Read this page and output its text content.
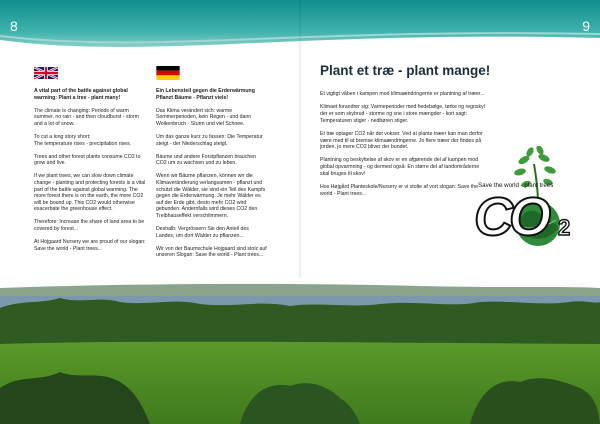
8	9

A vital part of the battle against global warming: Plant a tree - plant many!

The climate is changing: Periods of warm summer, no rain - and then cloudburst - storm and a lot of snow.

To cut a long story short:

The temperature rises - precipitation rises.

Trees and other forest plants consume CO2 to grow and live.

If we plant trees, we can slow down climate change - planting and protecting forests is a vital part of the battle against global warming. The more forest there is on the earth, the more CO2 will be bound up. This CO2 would otherwise exacerbate the greenhouse effect.

Therefore: Increase the share of land area to be covered by forest...

At Hojgaard Nursery we are proud of our slogan: Save the world - Plant trees...

Ein Lebensteil gegen die Erderwärmung Pflanzt Bäume - Pflanzt viele!

Das Klima verändert sich: warme Sommerperioden, kein Regen - und dann Wolkenbruch - Sturm und viel Schnee.

Um das ganze kurz zu fassen: Die Temperatur steigt - der Niederschlag steigt.

Bäume und andere Forstpflanzen brauchen CO2 um zu wachsen und zu leben.

Wenn wir Bäume pflanzen, können wir die Klimaveränderung verlangsamen - pflanzt und schützt die Wälder, sie sind ein Teil des Kampfs gegen die Erderwärmung. Je mehr Wälder es auf der Erde gibt, desto mehr CO2 wird gebunden. Andernfalls wird dieses CO2 den Treibhauseffekt verschlimmern.

Deshalb: Vergrössern Sie den Anteil des Landes, um dort Wälder zu pflanzen...

Wir von der Baumschule Hojgaard sind stolz auf unseren Slogan: Save the world - Plant trees...

Plant et træ - plant mange!

Et vigtigt våben i kampen mod klimaændringerne er plantning af træer...

Klimaet forandrer sig: Varmeperioder med hedebølge, tørke og regnskyl der er som skybrud - storme og sne i store mængder - kort sagt: Temperaturen stiger - nedbøren stiger.

Et træ optager CO2 når det vokser. Ved at plante træer kan man derfor være med til at bremse klimaændringerne. Jo flere træer der findes på jorden, jo mere CO2 bliver der bundet.

Plantning og beskyttelse af skov er en afgørende del af kampen mod global opvarmning - og dermed også: En større del af landområderne skal bruges til skov!

Hos Højgård Planteskole/Nursery er vi stolte af vort slogan: Save the world - Plant trees...

Save the world - plant trees
CO 2
